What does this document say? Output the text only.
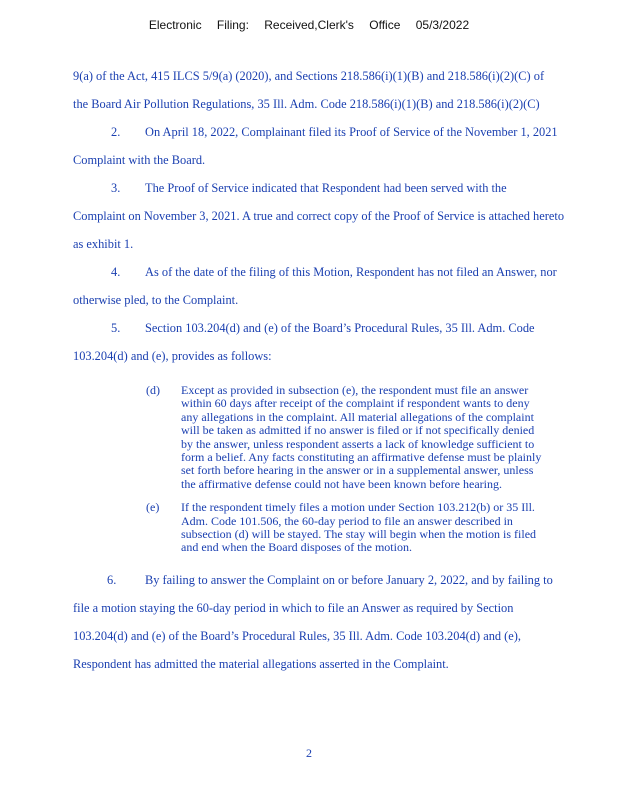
Electronic Filing: Received,Clerk's Office 05/3/2022
9(a) of the Act, 415 ILCS 5/9(a) (2020), and Sections 218.586(i)(1)(B) and 218.586(i)(2)(C) of
the Board Air Pollution Regulations, 35 Ill. Adm. Code 218.586(i)(1)(B) and 218.586(i)(2)(C)
2. On April 18, 2022, Complainant filed its Proof of Service of the November 1, 2021
Complaint with the Board.
3. The Proof of Service indicated that Respondent had been served with the
Complaint on November 3, 2021. A true and correct copy of the Proof of Service is attached hereto
as exhibit 1.
4. As of the date of the filing of this Motion, Respondent has not filed an Answer, nor
otherwise pled, to the Complaint.
5. Section 103.204(d) and (e) of the Board’s Procedural Rules, 35 Ill. Adm. Code
103.204(d) and (e), provides as follows:
(d) Except as provided in subsection (e), the respondent must file an answer
within 60 days after receipt of the complaint if respondent wants to deny
any allegations in the complaint. All material allegations of the complaint
will be taken as admitted if no answer is filed or if not specifically denied
by the answer, unless respondent asserts a lack of knowledge sufficient to
form a belief. Any facts constituting an affirmative defense must be plainly
set forth before hearing in the answer or in a supplemental answer, unless
the affirmative defense could not have been known before hearing.
(e) If the respondent timely files a motion under Section 103.212(b) or 35 Ill.
Adm. Code 101.506, the 60-day period to file an answer described in
subsection (d) will be stayed. The stay will begin when the motion is filed
and end when the Board disposes of the motion.
6. By failing to answer the Complaint on or before January 2, 2022, and by failing to
file a motion staying the 60-day period in which to file an Answer as required by Section
103.204(d) and (e) of the Board’s Procedural Rules, 35 Ill. Adm. Code 103.204(d) and (e),
Respondent has admitted the material allegations asserted in the Complaint.
2
